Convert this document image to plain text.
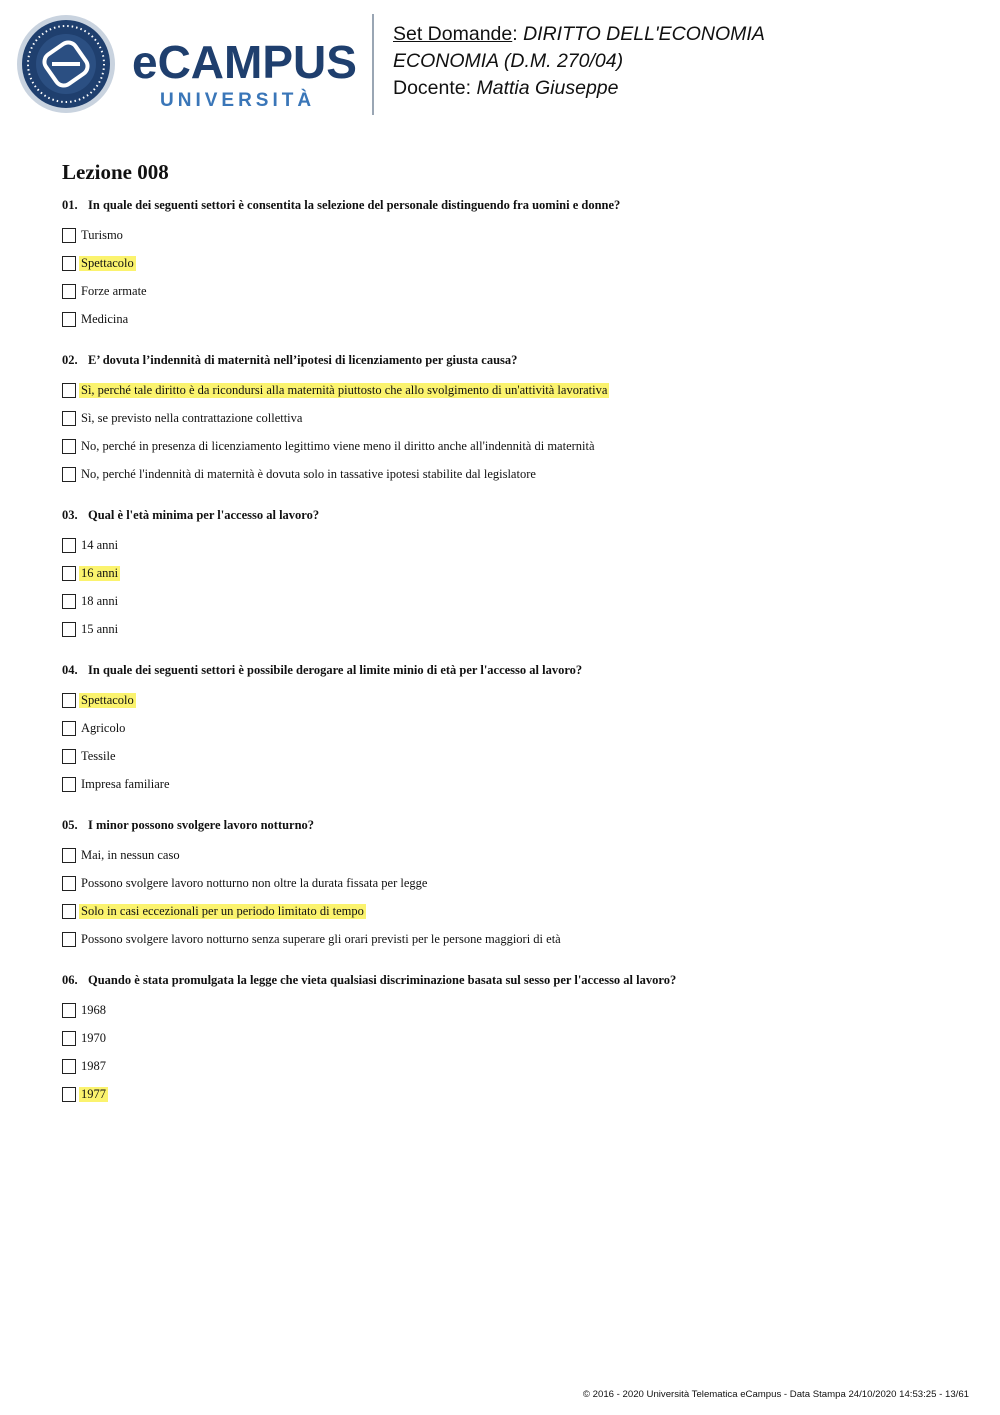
eCAMPUS
UNIVERSITÀ
Set Domande: DIRITTO DELL'ECONOMIA
ECONOMIA (D.M. 270/04)
Docente: Mattia Giuseppe
Lezione 008
01. In quale dei seguenti settori è consentita la selezione del personale distinguendo fra uomini e donne?
Turismo
Spettacolo
Forze armate
Medicina
02. E’ dovuta l’indennità di maternità nell’ipotesi di licenziamento per giusta causa?
Sì, perché tale diritto è da ricondursi alla maternità piuttosto che allo svolgimento di un'attività lavorativa
Sì, se previsto nella contrattazione collettiva
No, perché in presenza di licenziamento legittimo viene meno il diritto anche all'indennità di maternità
No, perché l'indennità di maternità è dovuta solo in tassative ipotesi stabilite dal legislatore
03. Qual è l'età minima per l'accesso al lavoro?
14 anni
16 anni
18 anni
15 anni
04. In quale dei seguenti settori è possibile derogare al limite minio di età per l'accesso al lavoro?
Spettacolo
Agricolo
Tessile
Impresa familiare
05. I minor possono svolgere lavoro notturno?
Mai, in nessun caso
Possono svolgere lavoro notturno non oltre la durata fissata per legge
Solo in casi eccezionali per un periodo limitato di tempo
Possono svolgere lavoro notturno senza superare gli orari previsti per le persone maggiori di età
06. Quando è stata promulgata la legge che vieta qualsiasi discriminazione basata sul sesso per l'accesso al lavoro?
1968
1970
1987
1977
© 2016 - 2020 Università Telematica eCampus - Data Stampa 24/10/2020 14:53:25 - 13/61
